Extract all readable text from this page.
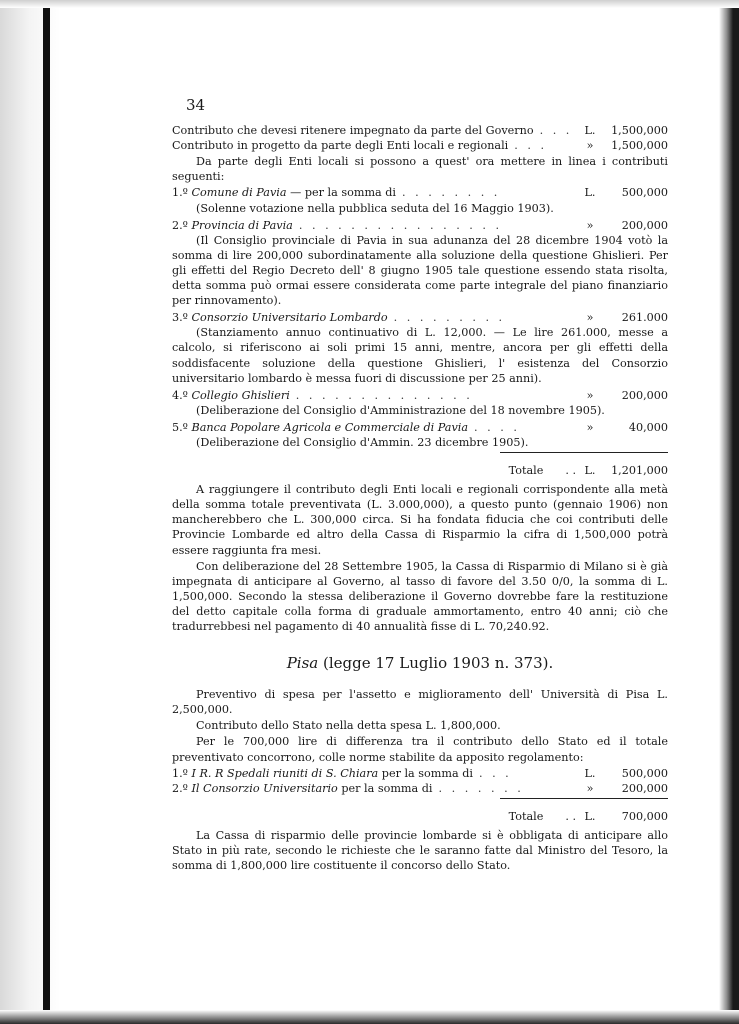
34
Contributo che devesi ritenere impegnato da parte del Governo . . .	L.	1,500,000
Contributo in progetto da parte degli Enti locali e regionali . . .	»	1,500,000

Da parte degli Enti locali si possono a quest' ora mettere in linea i contributi seguenti:

1.º Comune di Pavia — per la somma di . . . . . . . .	L.	500,000

(Solenne votazione nella pubblica seduta del 16 Maggio 1903).

2.º Provincia di Pavia . . . . . . . . . . . . . . . .	»	200,000

(Il Consiglio provinciale di Pavia in sua adunanza del 28 dicembre 1904 votò la somma di lire 200,000 subordinatamente alla soluzione della questione Ghislieri. Per gli effetti del Regio Decreto dell' 8 giugno 1905 tale questione essendo stata risolta, detta somma può ormai essere considerata come parte integrale del piano finanziario per rinnovamento).

3.º Consorzio Universitario Lombardo . . . . . . . . .	»	261.000

(Stanziamento annuo continuativo di L. 12,000. — Le lire 261.000, messe a calcolo, si riferiscono ai soli primi 15 anni, mentre, ancora per gli effetti della soddisfacente soluzione della questione Ghislieri, l' esistenza del Consorzio universitario lombardo è messa fuori di discussione per 25 anni).

4.º Collegio Ghislieri . . . . . . . . . . . . . .	»	200,000

(Deliberazione del Consiglio d'Amministrazione del 18 novembre 1905).

5.º Banca Popolare Agricola e Commerciale di Pavia . . . .	»	40,000

(Deliberazione del Consiglio d'Ammin. 23 dicembre 1905).

Totale . . L.	1,201,000

A raggiungere il contributo degli Enti locali e regionali corrispondente alla metà della somma totale preventivata (L. 3.000,000), a questo punto (gennaio 1906) non mancherebbero che L. 300,000 circa. Si ha fondata fiducia che coi contributi delle Provincie Lombarde ed altro della Cassa di Risparmio la cifra di 1,500,000 potrà essere raggiunta fra mesi.

Con deliberazione del 28 Settembre 1905, la Cassa di Risparmio di Milano si è già impegnata di anticipare al Governo, al tasso di favore del 3.50 0/0, la somma di L. 1,500,000. Secondo la stessa deliberazione il Governo dovrebbe fare la restituzione del detto capitale colla forma di graduale ammortamento, entro 40 anni; ciò che tradurrebbesi nel pagamento di 40 annualità fisse di L. 70,240.92.

Pisa (legge 17 Luglio 1903 n. 373).

Preventivo di spesa per l'assetto e miglioramento dell' Università di Pisa L. 2,500,000.

Contributo dello Stato nella detta spesa L. 1,800,000.

Per le 700,000 lire di differenza tra il contributo dello Stato ed il totale preventivato concorrono, colle norme stabilite da apposito regolamento:

1.º I R. R Spedali riuniti di S. Chiara per la somma di . . .	L.	500,000
2.º Il Consorzio Universitario per la somma di . . . . . . .	»	200,000
Totale . . L.	700,000

La Cassa di risparmio delle provincie lombarde si è obbligata di anticipare allo Stato in più rate, secondo le richieste che le saranno fatte dal Ministro del Tesoro, la somma di 1,800,000 lire costituente il concorso dello Stato.
